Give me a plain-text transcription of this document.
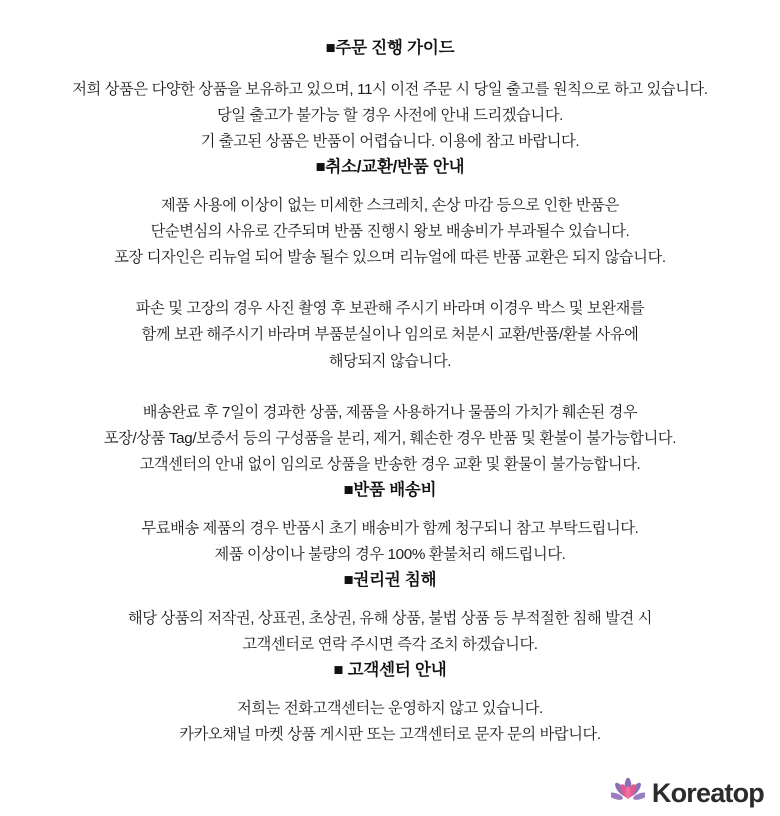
■주문 진행 가이드
저희 상품은 다양한 상품을 보유하고 있으며, 11시 이전 주문 시 당일 출고를 원칙으로 하고 있습니다.
당일 출고가 불가능 할 경우 사전에 안내 드리겠습니다.
기 출고된 상품은 반품이 어렵습니다. 이용에 참고 바랍니다.
■취소/교환/반품 안내
제품 사용에 이상이 없는 미세한 스크레치, 손상 마감 등으로 인한 반품은
단순변심의 사유로 간주되며 반품 진행시 왕보 배송비가 부과될수 있습니다.
포장 디자인은 리뉴얼 되어 발송 될수 있으며 리뉴얼에 따른 반품 교환은 되지 않습니다.
파손 및 고장의 경우 사진 촬영 후 보관해 주시기 바라며 이경우 박스 및 보완재를
함께 보관 해주시기 바라며 부품분실이나 임의로 처분시 교환/반품/환불 사유에
해당되지 않습니다.
배송완료 후 7일이 경과한 상품, 제품을 사용하거나 물품의 가치가 훼손된 경우
포장/상품 Tag/보증서 등의 구성품을 분리, 제거, 훼손한 경우 반품 및 환불이 불가능합니다.
고객센터의 안내 없이 임의로 상품을 반송한 경우 교환 및 환물이 불가능합니다.
■반품 배송비
무료배송 제품의 경우 반품시 초기 배송비가 함께 청구되니 참고 부탁드립니다.
제품 이상이나 불량의 경우 100% 환불처리 해드립니다.
■권리권 침해
해당 상품의 저작권, 상표권, 초상권, 유해 상품, 불법 상품 등 부적절한 침해 발견 시
고객센터로 연락 주시면 즉각 조치 하겠습니다.
■ 고객센터 안내
저희는 전화고객센터는 운영하지 않고 있습니다.
카카오채널 마켓 상품 게시판 또는 고객센터로 문자 문의 바랍니다.
Koreatop
